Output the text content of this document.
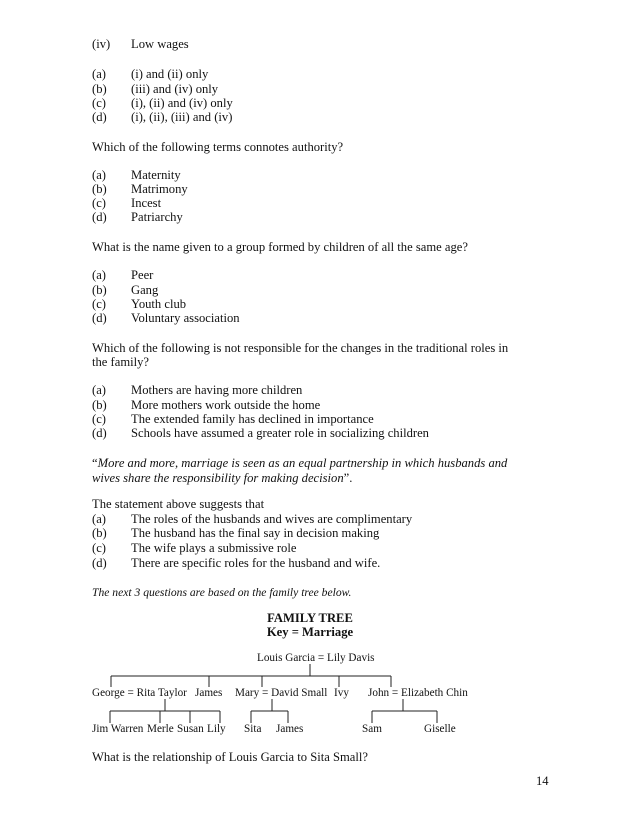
(iv) Low wages
(a) (i) and (ii) only
(b) (iii) and (iv) only
(c) (i), (ii) and (iv) only
(d) (i), (ii), (iii) and (iv)
Which of the following terms connotes authority?
(a) Maternity
(b) Matrimony
(c) Incest
(d) Patriarchy
What is the name given to a group formed by children of all the same age?
(a) Peer
(b) Gang
(c) Youth club
(d) Voluntary association
Which of the following is not responsible for the changes in the traditional roles in
the family?
(a) Mothers are having more children
(b) More mothers work outside the home
(c) The extended family has declined in importance
(d) Schools have assumed a greater role in socializing children
“More and more, marriage is seen as an equal partnership in which husbands and
wives share the responsibility for making decision”.
The statement above suggests that
(a) The roles of the husbands and wives are complimentary
(b) The husband has the final say in decision making
(c) The wife plays a submissive role
(d) There are specific roles for the husband and wife.
The next 3 questions are based on the family tree below.
FAMILY TREE
Key = Marriage
Louis Garcia = Lily Davis
George = Rita Taylor James Mary = David Small Ivy John = Elizabeth Chin
Jim Warren Merle Susan Lily Sita James	Sam	Giselle
What is the relationship of Louis Garcia to Sita Small?
14
